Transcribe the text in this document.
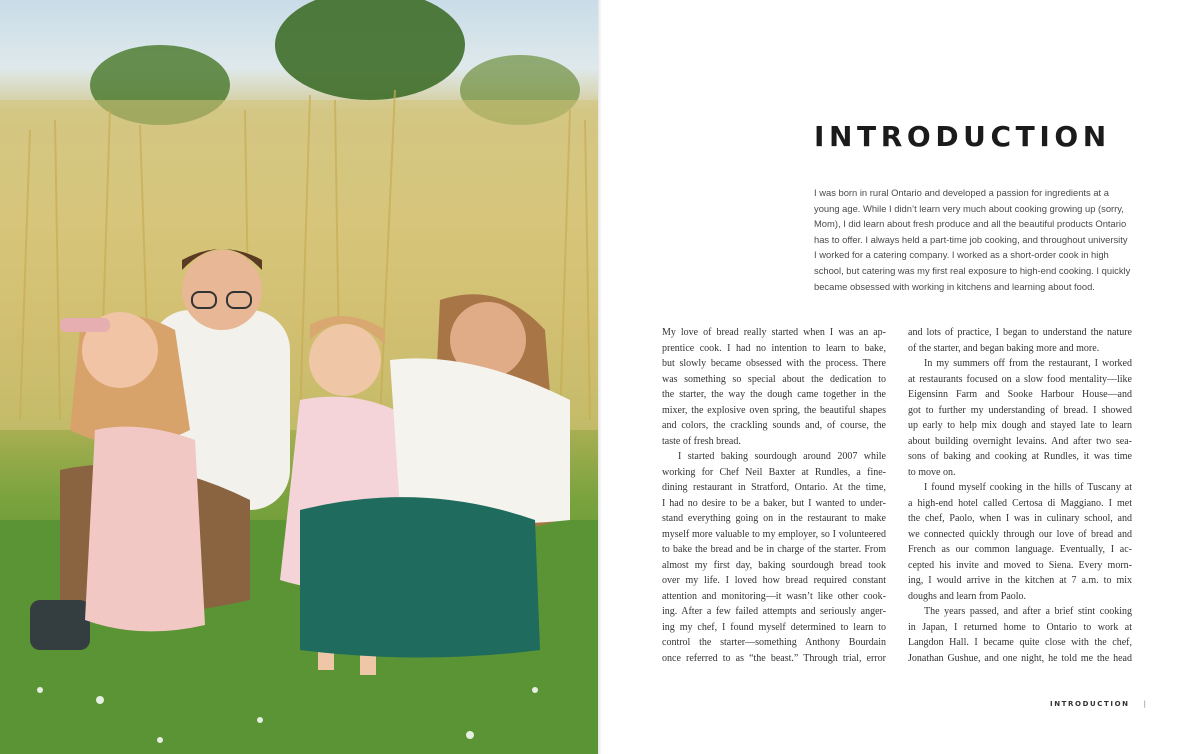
INTRODUCTION
I was born in rural Ontario and developed a passion for ingredients at a
young age. While I didn’t learn very much about cooking growing up (sorry,
Mom), I did learn about fresh produce and all the beautiful products Ontario
has to offer. I always held a part-time job cooking, and throughout university
I worked for a catering company. I worked as a short-order cook in high
school, but catering was my first real exposure to high-end cooking. I quickly
became obsessed with working in kitchens and learning about food.
My love of bread really started when I was an ap-
prentice cook. I had no intention to learn to bake,
but slowly became obsessed with the process. There
was something so special about the dedication to
the starter, the way the dough came together in the
mixer, the explosive oven spring, the beautiful shapes
and colors, the crackling sounds and, of course, the
taste of fresh bread.
I started baking sourdough around 2007 while
working for Chef Neil Baxter at Rundles, a fine-
dining restaurant in Stratford, Ontario. At the time,
I had no desire to be a baker, but I wanted to under-
stand everything going on in the restaurant to make
myself more valuable to my employer, so I volunteered
to bake the bread and be in charge of the starter. From
almost my first day, baking sourdough bread took
over my life. I loved how bread required constant
attention and monitoring—it wasn’t like other cook-
ing. After a few failed attempts and seriously anger-
ing my chef, I found myself determined to learn to
control the starter—something Anthony Bourdain
once referred to as “the beast.” Through trial, error
and lots of practice, I began to understand the nature
of the starter, and began baking more and more.
In my summers off from the restaurant, I worked
at restaurants focused on a slow food mentality—like
Eigensinn Farm and Sooke Harbour House—and
got to further my understanding of bread. I showed
up early to help mix dough and stayed late to learn
about building overnight levains. And after two sea-
sons of baking and cooking at Rundles, it was time
to move on.
I found myself cooking in the hills of Tuscany at
a high-end hotel called Certosa di Maggiano. I met
the chef, Paolo, when I was in culinary school, and
we connected quickly through our love of bread and
French as our common language. Eventually, I ac-
cepted his invite and moved to Siena. Every morn-
ing, I would arrive in the kitchen at 7 a.m. to mix
doughs and learn from Paolo.
The years passed, and after a brief stint cooking
in Japan, I returned home to Ontario to work at
Langdon Hall. I became quite close with the chef,
Jonathan Gushue, and one night, he told me the head
INTRODUCTION |
